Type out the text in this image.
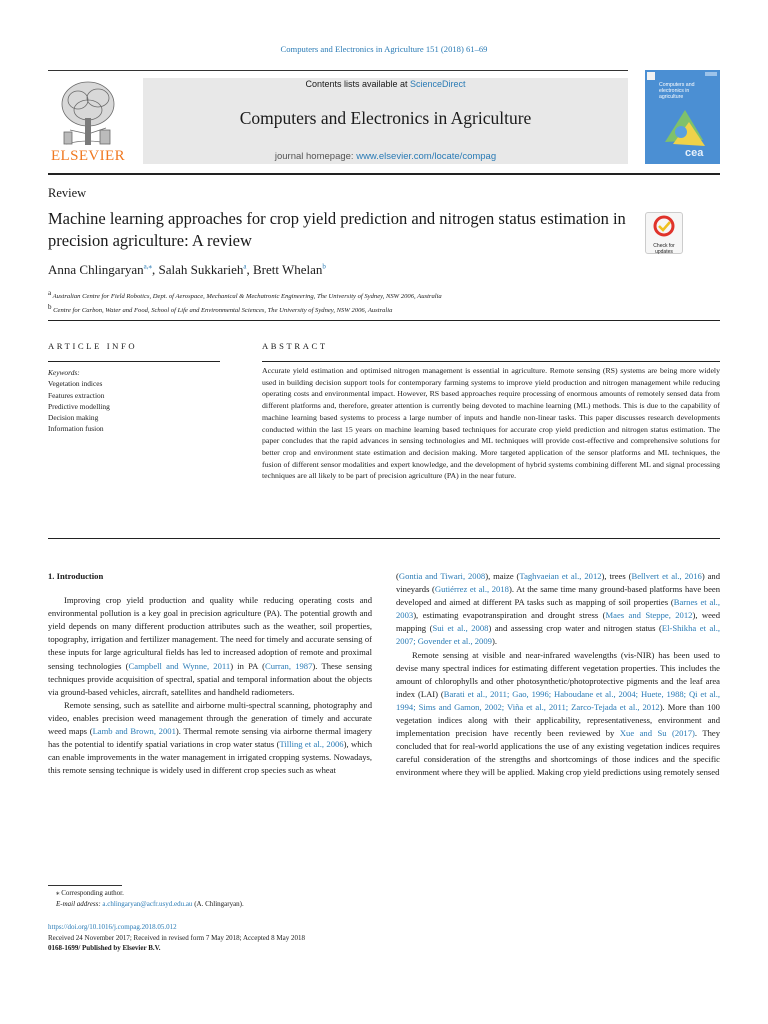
Computers and Electronics in Agriculture 151 (2018) 61–69
ELSEVIER
Contents lists available at ScienceDirect
Computers and Electronics in Agriculture
journal homepage: www.elsevier.com/locate/compag
Computers and electronics in agriculture
cea
Review
Machine learning approaches for crop yield prediction and nitrogen status estimation in precision agriculture: A review	Check for updates
Anna Chlingaryan$^{a,⁎}$, Salah Sukkarieh$^a$, Brett Whelan$^b$
$^a$ Australian Centre for Field Robotics, Dept. of Aerospace, Mechanical & Mechatronic Engineering, The University of Sydney, NSW 2006, Australia
$^b$ Centre for Carbon, Water and Food, School of Life and Environmental Sciences, The University of Sydney, NSW 2006, Australia
ARTICLE INFO	ABSTRACT
Keywords:
Vegetation indices
Features extraction
Predictive modelling
Decision making
Information fusion
Accurate yield estimation and optimised nitrogen management is essential in agriculture. Remote sensing (RS) systems are being more widely used in building decision support tools for contemporary farming systems to improve yield production and nitrogen management while reducing operating costs and environmental impact. However, RS based approaches require processing of enormous amounts of remotely sensed data from different platforms and, therefore, greater attention is currently being devoted to machine learning (ML) methods. This is due to the capability of machine learning based systems to process a large number of inputs and handle non-linear tasks. This paper discusses research developments conducted within the last 15 years on machine learning based techniques for accurate crop yield prediction and nitrogen status estimation. The paper concludes that the rapid advances in sensing technologies and ML techniques will provide cost-effective and comprehensive solutions for better crop and environment state estimation and decision making. More targeted application of the sensor platforms and ML techniques, the fusion of different sensor modalities and expert knowledge, and the development of hybrid systems combining different ML and signal processing techniques are all likely to be part of precision agriculture (PA) in the near future.

1. Introduction

Improving crop yield production and quality while reducing operating costs and environmental pollution is a key goal in precision agriculture (PA). The potential growth and yield depends on many different production attributes such as the weather, soil properties, topography, irrigation and fertilizer management. The need for timely and accurate sensing of these inputs for large agricultural fields has led to increased adoption of remote and proximal sensing technologies (Campbell and Wynne, 2011) in PA (Curran, 1987). These sensing techniques provide acquisition of spectral, spatial and temporal information about the objects via ground-based vehicles, aircraft, satellites and handheld radiometers.

Remote sensing, such as satellite and airborne multi-spectral scanning, photography and video, enables precision weed management through the generation of timely and accurate weed maps (Lamb and Brown, 2001). Thermal remote sensing via airborne thermal imagery has the potential to identify spatial variations in crop water status (Tilling et al., 2006), which can enable improvements in the water management in irrigated cropping systems. Nowadays, this remote sensing technique is widely used in different crop species such as wheat

(Gontia and Tiwari, 2008), maize (Taghvaeian et al., 2012), trees (Bellvert et al., 2016) and vineyards (Gutiérrez et al., 2018). At the same time many ground-based platforms have been developed and aimed at different PA tasks such as mapping of soil properties (Barnes et al., 2003), estimating evapotranspiration and drought stress (Maes and Steppe, 2012), weed mapping (Sui et al., 2008) and assessing crop water and nitrogen status (El-Shikha et al., 2007; Govender et al., 2009).

Remote sensing at visible and near-infrared wavelengths (vis-NIR) has been used to devise many spectral indices for estimating different vegetation properties. This includes the amount of chlorophylls and other photosynthetic/photoprotective pigments and the leaf area index (LAI) (Barati et al., 2011; Gao, 1996; Haboudane et al., 2004; Huete, 1988; Qi et al., 1994; Sims and Gamon, 2002; Viña et al., 2011; Zarco-Tejada et al., 2012). More than 100 vegetation indices along with their applicability, representativeness, environment and implementation precision have recently been reviewed by Xue and Su (2017). They concluded that for real-world applications the use of any existing vegetation indices requires careful consideration of the strengths and shortcomings of those indices and the specific environment where they will be applied. Making crop yield predictions using remotely sensed

⁎ Corresponding author.
E-mail address: a.chlingaryan@acfr.usyd.edu.au (A. Chlingaryan).
https://doi.org/10.1016/j.compag.2018.05.012
Received 24 November 2017; Received in revised form 7 May 2018; Accepted 8 May 2018
0168-1699/ Published by Elsevier B.V.
